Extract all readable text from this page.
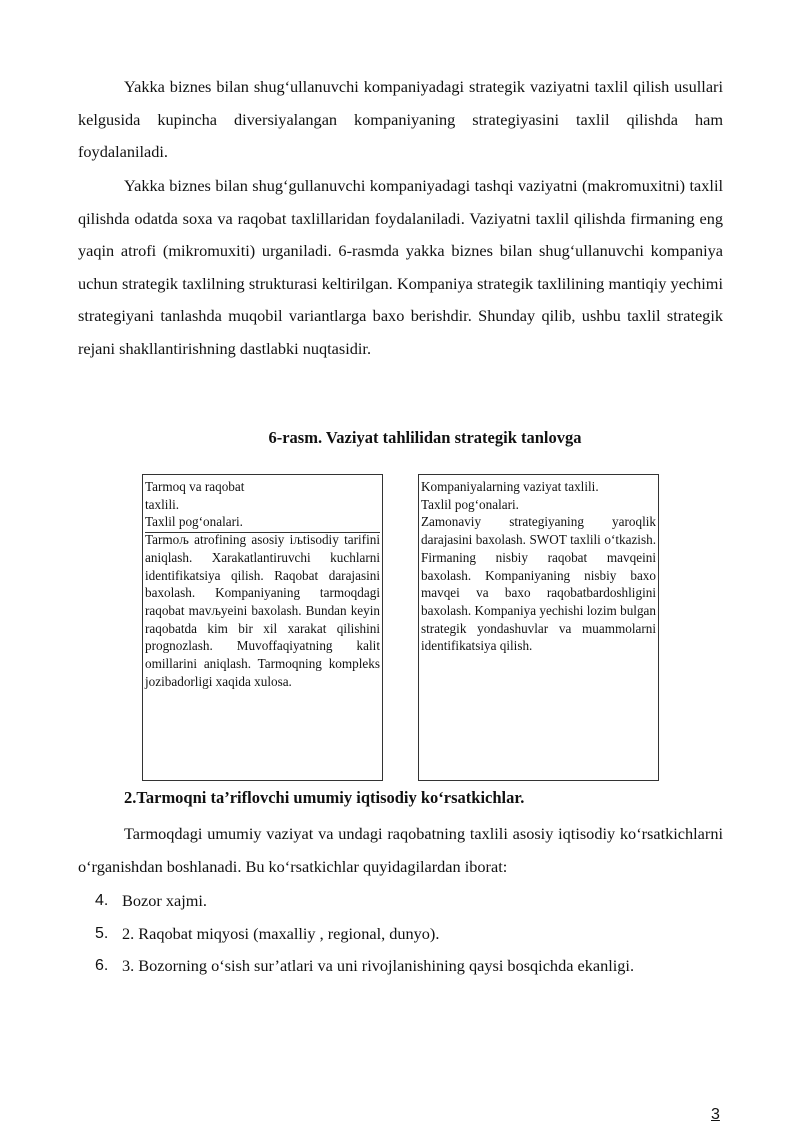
Yakka biznes bilan shug‘ullanuvchi kompaniyadagi strategik vaziyatni taxlil qilish usullari kelgusida kupincha diversiyalangan kompaniyaning strategiyasini taxlil qilishda ham foydalaniladi.

Yakka biznes bilan shug‘gullanuvchi kompaniyadagi tashqi vaziyatni (makromuxitni) taxlil qilishda odatda soxa va raqobat taxlillaridan foydalaniladi. Vaziyatni taxlil qilishda firmaning eng yaqin atrofi (mikromuxiti) urganiladi. 6-rasmda yakka biznes bilan shug‘ullanuvchi kompaniya uchun strategik taxlilning strukturasi keltirilgan. Kompaniya strategik taxlilining mantiqiy yechimi strategiyani tanlashda muqobil variantlarga baxo berishdir. Shunday qilib, ushbu taxlil strategik rejani shakllantirishning dastlabki nuqtasidir.

6-rasm. Vaziyat tahlilidan strategik tanlovga

Tarmoq va raqobat

taxlili.

Taxlil pog‘onalari.

Tarmoљ atrofining asosiy iљtisodiy tarifini aniqlash. Xarakatlantiruvchi kuchlarni identifikatsiya qilish. Raqobat darajasini baxolash. Kompaniyaning tarmoqdagi raqobat mavљyeini baxolash. Bundan keyin raqobatda kim bir xil xarakat qilishini prognozlash. Muvoffaqiyatning kalit omillarini aniqlash. Tarmoqning kompleks jozibadorligi xaqida xulosa.

Kompaniyalarning vaziyat taxlili.

Taxlil pog‘onalari.

Zamonaviy strategiyaning yaroqlik darajasini baxolash. SWOT taxlili o‘tkazish. Firmaning nisbiy raqobat mavqeini baxolash. Kompaniyaning nisbiy baxo mavqei va baxo raqobatbardoshligini baxolash. Kompaniya yechishi lozim bulgan strategik yondashuvlar va muammolarni identifikatsiya qilish.

2.Tarmoqni ta’riflovchi umumiy iqtisodiy ko‘rsatkichlar.

Tarmoqdagi umumiy vaziyat va undagi raqobatning taxlili asosiy iqtisodiy ko‘rsatkichlarni o‘rganishdan boshlanadi. Bu ko‘rsatkichlar quyidagilardan iborat:

4. Bozor xajmi.
5. 2. Raqobat miqyosi (maxalliy , regional, dunyo).
6. 3. Bozorning o‘sish sur’atlari va uni rivojlanishining qaysi bosqichda ekanligi.
3
